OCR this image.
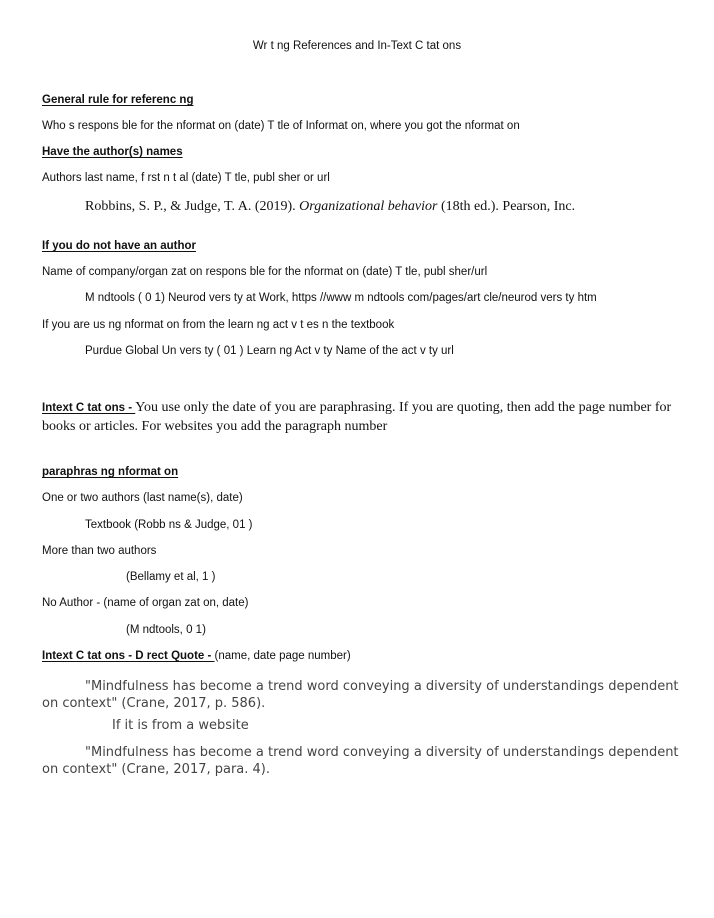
Wr t ng References and In-Text C tat ons
General rule for referenc ng
Who s respons ble for the nformat on (date) T tle of Informat on, where you got the nformat on
Have the author(s) names
Authors last name, f rst n t al (date) T tle, publ sher or url
Robbins, S. P., & Judge, T. A. (2019). Organizational behavior (18th ed.). Pearson, Inc.
If you do not have an author
Name of company/organ zat on respons ble for the nformat on (date) T tle, publ sher/url
M ndtools ( 0 1) Neurod vers ty at Work, https //www m ndtools com/pages/art cle/neurod vers ty htm
If you are us ng nformat on from the learn ng act v t es n the textbook
Purdue Global Un vers ty ( 01 ) Learn ng Act v ty Name of the act v ty url
Intext C tat ons - You use only the date of you are paraphrasing. If you are quoting, then add the page number for books or articles. For websites you add the paragraph number
paraphras ng nformat on
One or two authors (last name(s), date)
Textbook (Robb ns & Judge, 01 )
More than two authors
(Bellamy et al, 1 )
No Author - (name of organ zat on, date)
(M ndtools, 0 1)
Intext C tat ons - D rect Quote - (name, date page number)
"Mindfulness has become a trend word conveying a diversity of understandings dependent on context" (Crane, 2017, p. 586).
If it is from a website
"Mindfulness has become a trend word conveying a diversity of understandings dependent on context" (Crane, 2017, para. 4).
